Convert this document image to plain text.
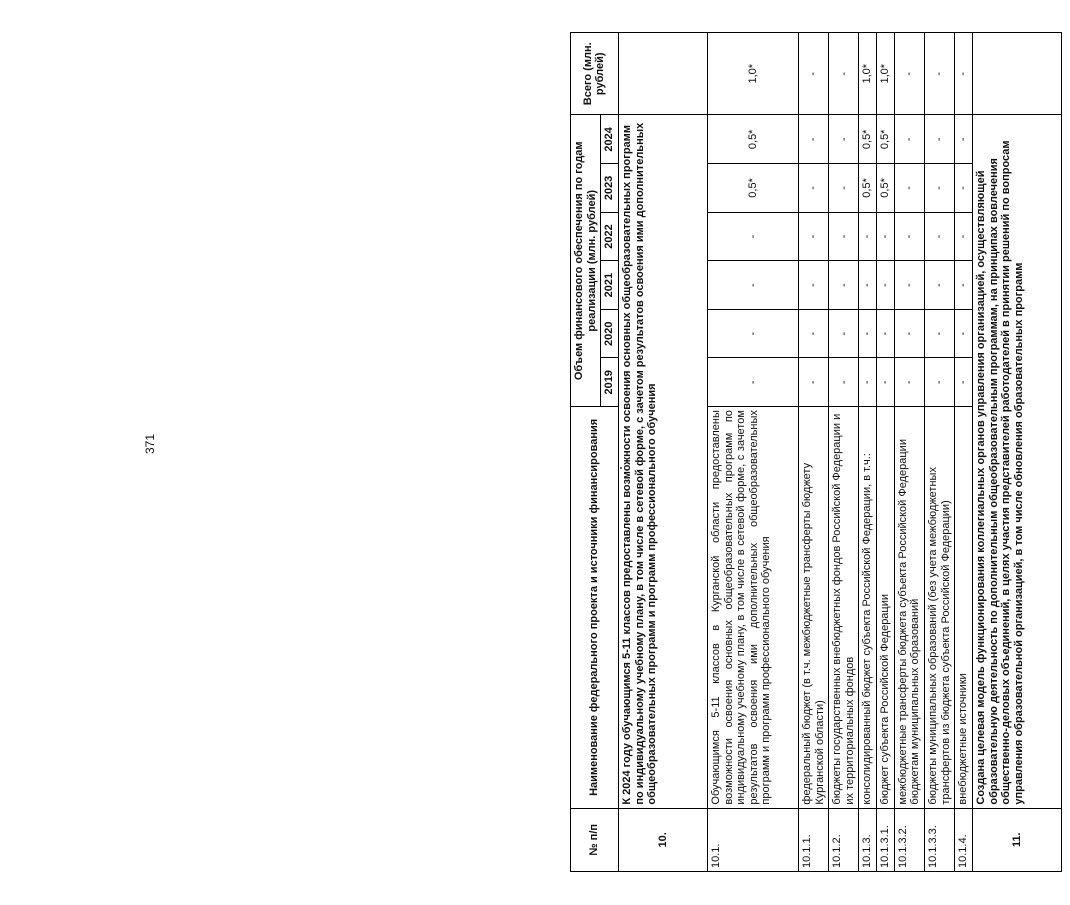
371
№ п/п	Наименование федерального проекта и источники финансирования	Объем финансового обеспечения по годам реализации (млн. рублей)						Всего (млн. рублей)
		2019	2020	2021	2022	2023	2024	
10.	К 2024 году обучающимся 5-11 классов предоставлены возможности освоения основных общеобразовательных программ по индивидуальному учебному плану, в том числе в сетевой форме, с зачетом результатов освоения ими дополнительных общеобразовательных программ и программ профессионального обучения							
10.1.	Обучающимся 5-11 классов в Курганской области предоставлены возможности освоения основных общеобразовательных программ по индивидуальному учебному плану, в том числе в сетевой форме, с зачетом результатов освоения ими дополнительных общеобразовательных программ и программ профессионального обучения	-	-	-	-	0,5*	0,5*	1,0*
10.1.1.	федеральный бюджет (в т.ч. межбюджетные трансферты бюджету Курганской области)	-	-	-	-	-	-	-
10.1.2.	бюджеты государственных внебюджетных фондов Российской Федерации и их территориальных фондов	-	-	-	-	-	-	-
10.1.3.	консолидированный бюджет субъекта Российской Федерации, в т.ч.:	-	-	-	-	0,5*	0,5*	1,0*
10.1.3.1.	бюджет субъекта Российской Федерации	-	-	-	-	0,5*	0,5*	1,0*
10.1.3.2.	межбюджетные трансферты бюджета субъекта Российской Федерации бюджетам муниципальных образований	-	-	-	-	-	-	-
10.1.3.3.	бюджеты муниципальных образований (без учета межбюджетных трансфертов из бюджета субъекта Российской Федерации)	-	-	-	-	-	-	-
10.1.4.	внебюджетные источники	-	-	-	-	-	-	-
11.	Создана целевая модель функционирования коллегиальных органов управления организацией, осуществляющей образовательную деятельность по дополнительным общеобразовательным программам, на принципах вовлечения общественно-деловых объединений, в целях участия представителей работодателей в принятии решений по вопросам управления образовательной организацией, в том числе обновления образовательных программ							
